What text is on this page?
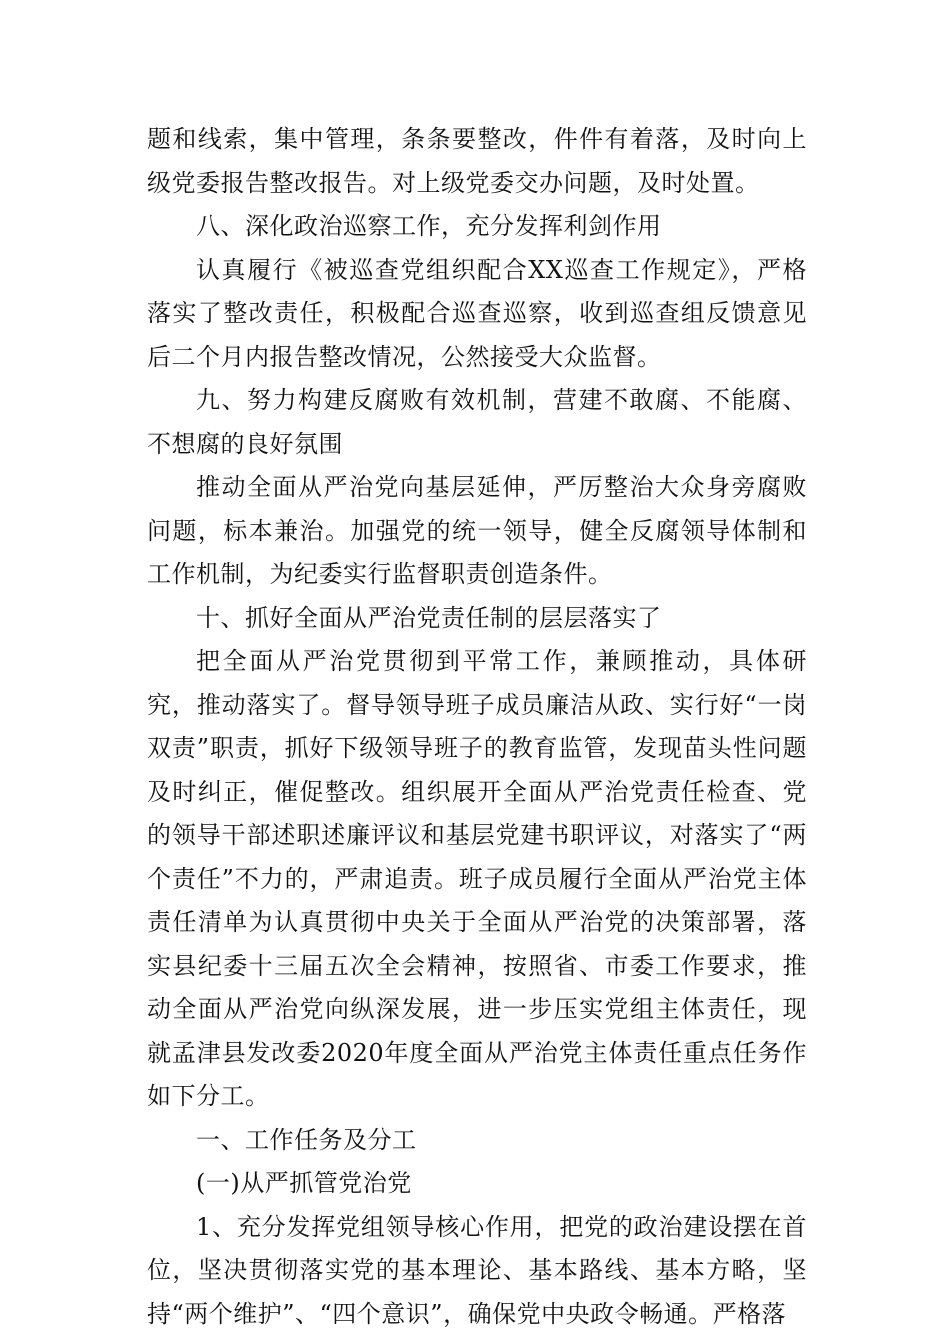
题和线索，集中管理，条条要整改，件件有着落，及时向上级党委报告整改报告。对上级党委交办问题，及时处置。

八、深化政治巡察工作，充分发挥利剑作用

认真履行《被巡查党组织配合XX巡查工作规定》，严格落实了整改责任，积极配合巡查巡察，收到巡查组反馈意见后二个月内报告整改情况，公然接受大众监督。

九、努力构建反腐败有效机制，营建不敢腐、不能腐、不想腐的良好氛围

推动全面从严治党向基层延伸，严厉整治大众身旁腐败问题，标本兼治。加强党的统一领导，健全反腐领导体制和工作机制，为纪委实行监督职责创造条件。

十、抓好全面从严治党责任制的层层落实了

把全面从严治党贯彻到平常工作，兼顾推动，具体研究，推动落实了。督导领导班子成员廉洁从政、实行好“一岗双责”职责，抓好下级领导班子的教育监管，发现苗头性问题及时纠正，催促整改。组织展开全面从严治党责任检查、党的领导干部述职述廉评议和基层党建书职评议，对落实了“两个责任”不力的，严肃追责。班子成员履行全面从严治党主体责任清单为认真贯彻中央关于全面从严治党的决策部署，落实县纪委十三届五次全会精神，按照省、市委工作要求，推动全面从严治党向纵深发展，进一步压实党组主体责任，现就孟津县发改委2020年度全面从严治党主体责任重点任务作如下分工。

一、工作任务及分工

(一)从严抓管党治党

1、充分发挥党组领导核心作用，把党的政治建设摆在首位，坚决贯彻落实党的基本理论、基本路线、基本方略，坚持“两个维护”、“四个意识”，确保党中央政令畅通。严格落
